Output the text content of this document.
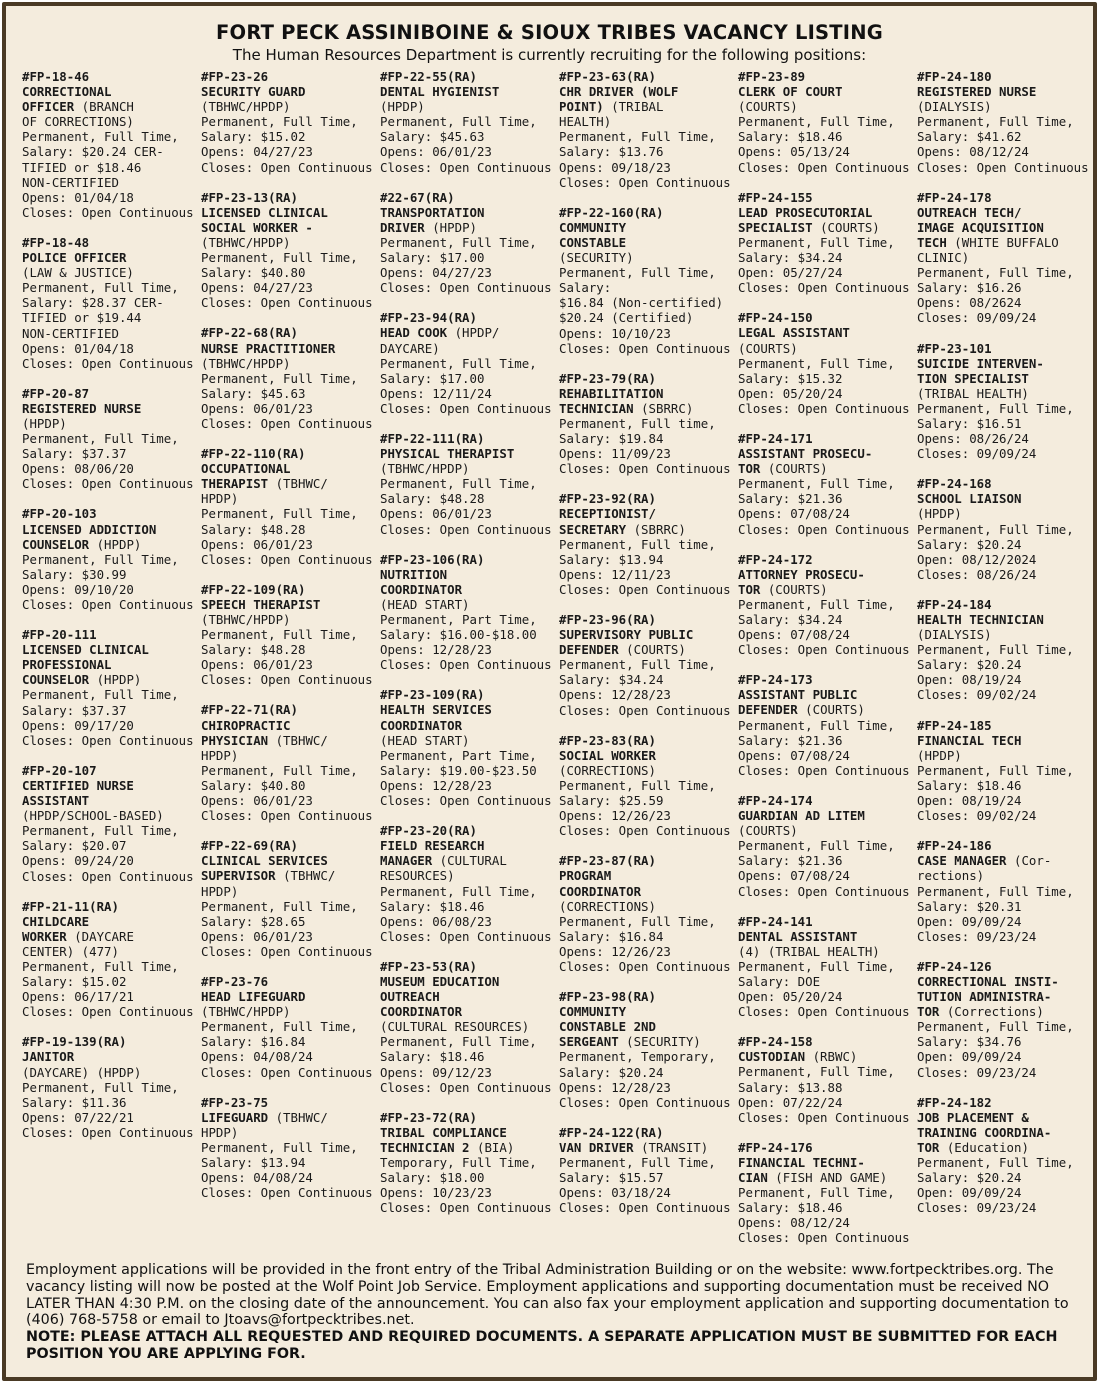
FORT PECK ASSINIBOINE & SIOUX TRIBES VACANCY LISTING
The Human Resources Department is currently recruiting for the following positions:
#FP-18-46
CORRECTIONAL
OFFICER (BRANCH
OF CORRECTIONS)
Permanent, Full Time,
Salary: $20.24 CER-
TIFIED or $18.46
NON-CERTIFIED
Opens: 01/04/18
Closes: Open Continuous
#FP-18-48
POLICE OFFICER
(LAW & JUSTICE)
Permanent, Full Time,
Salary: $28.37 CER-
TIFIED or $19.44
NON-CERTIFIED
Opens: 01/04/18
Closes: Open Continuous
#FP-20-87
REGISTERED NURSE
(HPDP)
Permanent, Full Time,
Salary: $37.37
Opens: 08/06/20
Closes: Open Continuous
#FP-20-103
LICENSED ADDICTION
COUNSELOR (HPDP)
Permanent, Full Time,
Salary: $30.99
Opens: 09/10/20
Closes: Open Continuous
#FP-20-111
LICENSED CLINICAL
PROFESSIONAL
COUNSELOR (HPDP)
Permanent, Full Time,
Salary: $37.37
Opens: 09/17/20
Closes: Open Continuous
#FP-20-107
CERTIFIED NURSE
ASSISTANT
(HPDP/SCHOOL-BASED)
Permanent, Full Time,
Salary: $20.07
Opens: 09/24/20
Closes: Open Continuous
#FP-21-11(RA)
CHILDCARE
WORKER (DAYCARE
CENTER) (477)
Permanent, Full Time,
Salary: $15.02
Opens: 06/17/21
Closes: Open Continuous
#FP-19-139(RA)
JANITOR
(DAYCARE) (HPDP)
Permanent, Full Time,
Salary: $11.36
Opens: 07/22/21
Closes: Open Continuous
#FP-23-26
SECURITY GUARD
(TBHWC/HPDP)
Permanent, Full Time,
Salary: $15.02
Opens: 04/27/23
Closes: Open Continuous
#FP-23-13(RA)
LICENSED CLINICAL
SOCIAL WORKER -
(TBHWC/HPDP)
Permanent, Full Time,
Salary: $40.80
Opens: 04/27/23
Closes: Open Continuous
#FP-22-68(RA)
NURSE PRACTITIONER
(TBHWC/HPDP)
Permanent, Full Time,
Salary: $45.63
Opens: 06/01/23
Closes: Open Continuous
#FP-22-110(RA)
OCCUPATIONAL
THERAPIST (TBHWC/
HPDP)
Permanent, Full Time,
Salary: $48.28
Opens: 06/01/23
Closes: Open Continuous
#FP-22-109(RA)
SPEECH THERAPIST
(TBHWC/HPDP)
Permanent, Full Time,
Salary: $48.28
Opens: 06/01/23
Closes: Open Continuous
#FP-22-71(RA)
CHIROPRACTIC
PHYSICIAN (TBHWC/
HPDP)
Permanent, Full Time,
Salary: $40.80
Opens: 06/01/23
Closes: Open Continuous
#FP-22-69(RA)
CLINICAL SERVICES
SUPERVISOR (TBHWC/
HPDP)
Permanent, Full Time,
Salary: $28.65
Opens: 06/01/23
Closes: Open Continuous
#FP-23-76
HEAD LIFEGUARD
(TBHWC/HPDP)
Permanent, Full Time,
Salary: $16.84
Opens: 04/08/24
Closes: Open Continuous
#FP-23-75
LIFEGUARD (TBHWC/
HPDP)
Permanent, Full Time,
Salary: $13.94
Opens: 04/08/24
Closes: Open Continuous
#FP-22-55(RA)
DENTAL HYGIENIST
(HPDP)
Permanent, Full Time,
Salary: $45.63
Opens: 06/01/23
Closes: Open Continuous
#22-67(RA)
TRANSPORTATION
DRIVER (HPDP)
Permanent, Full Time,
Salary: $17.00
Opens: 04/27/23
Closes: Open Continuous
#FP-23-94(RA)
HEAD COOK (HPDP/
DAYCARE)
Permanent, Full Time,
Salary: $17.00
Opens: 12/11/24
Closes: Open Continuous
#FP-22-111(RA)
PHYSICAL THERAPIST
(TBHWC/HPDP)
Permanent, Full Time,
Salary: $48.28
Opens: 06/01/23
Closes: Open Continuous
#FP-23-106(RA)
NUTRITION
COORDINATOR
(HEAD START)
Permanent, Part Time,
Salary: $16.00-$18.00
Opens: 12/28/23
Closes: Open Continuous
#FP-23-109(RA)
HEALTH SERVICES
COORDINATOR
(HEAD START)
Permanent, Part Time,
Salary: $19.00-$23.50
Opens: 12/28/23
Closes: Open Continuous
#FP-23-20(RA)
FIELD RESEARCH
MANAGER (CULTURAL
RESOURCES)
Permanent, Full Time,
Salary: $18.46
Opens: 06/08/23
Closes: Open Continuous
#FP-23-53(RA)
MUSEUM EDUCATION
OUTREACH
COORDINATOR
(CULTURAL RESOURCES)
Permanent, Full Time,
Salary: $18.46
Opens: 09/12/23
Closes: Open Continuous
#FP-23-72(RA)
TRIBAL COMPLIANCE
TECHNICIAN 2 (BIA)
Temporary, Full Time,
Salary: $18.00
Opens: 10/23/23
Closes: Open Continuous
#FP-23-63(RA)
CHR DRIVER (WOLF
POINT) (TRIBAL
HEALTH)
Permanent, Full Time,
Salary: $13.76
Opens: 09/18/23
Closes: Open Continuous
#FP-22-160(RA)
COMMUNITY
CONSTABLE
(SECURITY)
Permanent, Full Time,
Salary:
$16.84 (Non-certified)
$20.24 (Certified)
Opens: 10/10/23
Closes: Open Continuous
#FP-23-79(RA)
REHABILITATION
TECHNICIAN (SBRRC)
Permanent, Full time,
Salary: $19.84
Opens: 11/09/23
Closes: Open Continuous
#FP-23-92(RA)
RECEPTIONIST/
SECRETARY (SBRRC)
Permanent, Full time,
Salary: $13.94
Opens: 12/11/23
Closes: Open Continuous
#FP-23-96(RA)
SUPERVISORY PUBLIC
DEFENDER (COURTS)
Permanent, Full Time,
Salary: $34.24
Opens: 12/28/23
Closes: Open Continuous
#FP-23-83(RA)
SOCIAL WORKER
(CORRECTIONS)
Permanent, Full Time,
Salary: $25.59
Opens: 12/26/23
Closes: Open Continuous
#FP-23-87(RA)
PROGRAM
COORDINATOR
(CORRECTIONS)
Permanent, Full Time,
Salary: $16.84
Opens: 12/26/23
Closes: Open Continuous
#FP-23-98(RA)
COMMUNITY
CONSTABLE 2ND
SERGEANT (SECURITY)
Permanent, Temporary,
Salary: $20.24
Opens: 12/28/23
Closes: Open Continuous
#FP-24-122(RA)
VAN DRIVER (TRANSIT)
Permanent, Full Time,
Salary: $15.57
Opens: 03/18/24
Closes: Open Continuous
#FP-23-89
CLERK OF COURT
(COURTS)
Permanent, Full Time,
Salary: $18.46
Opens: 05/13/24
Closes: Open Continuous
#FP-24-155
LEAD PROSECUTORIAL
SPECIALIST (COURTS)
Permanent, Full Time,
Salary: $34.24
Open: 05/27/24
Closes: Open Continuous
#FP-24-150
LEGAL ASSISTANT
(COURTS)
Permanent, Full Time,
Salary: $15.32
Open: 05/20/24
Closes: Open Continuous
#FP-24-171
ASSISTANT PROSECU-
TOR (COURTS)
Permanent, Full Time,
Salary: $21.36
Opens: 07/08/24
Closes: Open Continuous
#FP-24-172
ATTORNEY PROSECU-
TOR (COURTS)
Permanent, Full Time,
Salary: $34.24
Opens: 07/08/24
Closes: Open Continuous
#FP-24-173
ASSISTANT PUBLIC
DEFENDER (COURTS)
Permanent, Full Time,
Salary: $21.36
Opens: 07/08/24
Closes: Open Continuous
#FP-24-174
GUARDIAN AD LITEM
(COURTS)
Permanent, Full Time,
Salary: $21.36
Opens: 07/08/24
Closes: Open Continuous
#FP-24-141
DENTAL ASSISTANT
(4) (TRIBAL HEALTH)
Permanent, Full Time,
Salary: DOE
Open: 05/20/24
Closes: Open Continuous
#FP-24-158
CUSTODIAN (RBWC)
Permanent, Full Time,
Salary: $13.88
Open: 07/22/24
Closes: Open Continuous
#FP-24-176
FINANCIAL TECHNI-
CIAN (FISH AND GAME)
Permanent, Full Time,
Salary: $18.46
Opens: 08/12/24
Closes: Open Continuous
#FP-24-180
REGISTERED NURSE
(DIALYSIS)
Permanent, Full Time,
Salary: $41.62
Opens: 08/12/24
Closes: Open Continuous
#FP-24-178
OUTREACH TECH/
IMAGE ACQUISITION
TECH (WHITE BUFFALO
CLINIC)
Permanent, Full Time,
Salary: $16.26
Opens: 08/2624
Closes: 09/09/24
#FP-23-101
SUICIDE INTERVEN-
TION SPECIALIST
(TRIBAL HEALTH)
Permanent, Full Time,
Salary: $16.51
Opens: 08/26/24
Closes: 09/09/24
#FP-24-168
SCHOOL LIAISON
(HPDP)
Permanent, Full Time,
Salary: $20.24
Open: 08/12/2024
Closes: 08/26/24
#FP-24-184
HEALTH TECHNICIAN
(DIALYSIS)
Permanent, Full Time,
Salary: $20.24
Open: 08/19/24
Closes: 09/02/24
#FP-24-185
FINANCIAL TECH
(HPDP)
Permanent, Full Time,
Salary: $18.46
Open: 08/19/24
Closes: 09/02/24
#FP-24-186
CASE MANAGER (Cor-
rections)
Permanent, Full Time,
Salary: $20.31
Open: 09/09/24
Closes: 09/23/24
#FP-24-126
CORRECTIONAL INSTI-
TUTION ADMINISTRA-
TOR (Corrections)
Permanent, Full Time,
Salary: $34.76
Open: 09/09/24
Closes: 09/23/24
#FP-24-182
JOB PLACEMENT &
TRAINING COORDINA-
TOR (Education)
Permanent, Full Time,
Salary: $20.24
Open: 09/09/24
Closes: 09/23/24
Employment applications will be provided in the front entry of the Tribal Administration Building or on the website: www.fortpecktribes.org. The vacancy listing will now be posted at the Wolf Point Job Service. Employment applications and supporting documentation must be received NO LATER THAN 4:30 P.M. on the closing date of the announcement. You can also fax your employment application and supporting documentation to (406) 768-5758 or email to Jtoavs@fortpecktribes.net.
NOTE: PLEASE ATTACH ALL REQUESTED AND REQUIRED DOCUMENTS. A SEPARATE APPLICATION MUST BE SUBMITTED FOR EACH POSITION YOU ARE APPLYING FOR.
